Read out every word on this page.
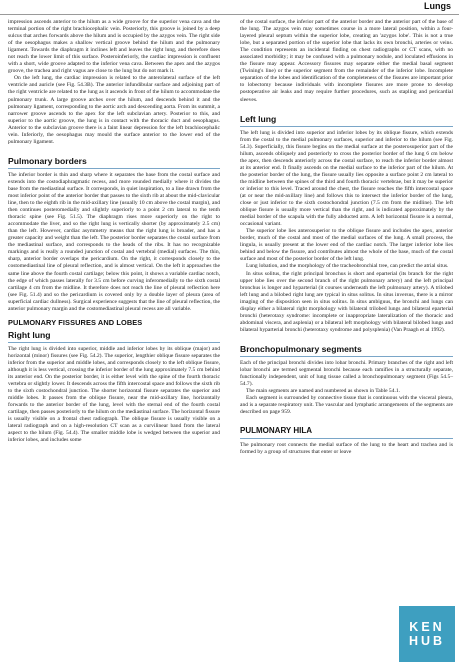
Lungs

impression ascends anterior to the hilum as a wide groove for the superior vena cava and the terminal portion of the right brachiocephalic vein. Posteriorly, this groove is joined by a deep sulcus that arches forwards above the hilum and is occupied by the azygos vein. The right side of the oesophagus makes a shallow vertical groove behind the hilum and the pulmonary ligament. Towards the diaphragm it inclines left and leaves the right lung, and therefore does not reach the lower limit of this surface. Posteroinferiorly, the cardiac impression is confluent with a short, wide groove adapted to the inferior vena cava. Between the apex and the azygos groove, the trachea and right vagus are close to the lung but do not mark it.

On the left lung, the cardiac impression is related to the anterolateral surface of the left ventricle and auricle (see Fig. 54.3B). The anterior infundibular surface and adjoining part of the right ventricle are related to the lung as it ascends in front of the hilum to accommodate the pulmonary trunk. A large groove arches over the hilum, and descends behind it and the pulmonary ligament, corresponding to the aortic arch and descending aorta. From its summit, a narrower groove ascends to the apex for the left subclavian artery. Posterior to this, and superior to the aortic groove, the lung is in contact with the thoracic duct and oesophagus. Anterior to the subclavian groove there is a faint linear depression for the left brachiocephalic vein. Inferiorly, the oesophagus may mould the surface anterior to the lower end of the pulmonary ligament.

Pulmonary borders

The inferior border is thin and sharp where it separates the base from the costal surface and extends into the costodiaphragmatic recess, and more rounded medially where it divides the base from the mediastinal surface. It corresponds, in quiet inspiration, to a line drawn from the most inferior point of the anterior border that passes to the sixth rib at about the mid-clavicular line, then to the eighth rib in the mid-axillary line (usually 10 cm above the costal margin), and then continues posteromedially and slightly superiorly to a point 2 cm lateral to the tenth thoracic spine (see Fig. 51.5). The diaphragm rises more superiorly on the right to accommodate the liver, and so the right lung is vertically shorter (by approximately 2.5 cm) than the left. However, cardiac asymmetry means that the right lung is broader, and has a greater capacity and weight than the left. The posterior border separates the costal surface from the mediastinal surface, and corresponds to the heads of the ribs. It has no recognizable markings and is really a rounded junction of costal and vertebral (medial) surfaces. The thin, sharp, anterior border overlaps the pericardium. On the right, it corresponds closely to the costomediastinal line of pleural reflection, and is almost vertical. On the left it approaches the same line above the fourth costal cartilage; below this point, it shows a variable cardiac notch, the edge of which passes laterally for 3.5 cm before curving inferomedially to the sixth costal cartilage 4 cm from the midline. It therefore does not reach the line of pleural reflection here (see Fig. 51.4) and so the pericardium is covered only by a double layer of pleura (area of superficial cardiac dullness). Surgical experience suggests that the line of pleural reflection, the anterior pulmonary margin and the costomediastinal pleural recess are all variable.

PULMONARY FISSURES AND LOBES
Right lung

The right lung is divided into superior, middle and inferior lobes by its oblique (major) and horizontal (minor) fissures (see Fig. 54.2). The superior, lengthier oblique fissure separates the inferior from the superior and middle lobes, and corresponds closely to the left oblique fissure, although it is less vertical, crossing the inferior border of the lung approximately 7.5 cm behind its anterior end. On the posterior border, it is either level with the spine of the fourth thoracic vertebra or slightly lower. It descends across the fifth intercostal space and follows the sixth rib to the sixth costochondral junction. The shorter horizontal fissure separates the superior and middle lobes. It passes from the oblique fissure, near the mid-axillary line, horizontally forwards to the anterior border of the lung, level with the sternal end of the fourth costal cartilage, then passes posteriorly to the hilum on the mediastinal surface. The horizontal fissure is usually visible on a frontal chest radiograph. The oblique fissure is usually visible on a lateral radiograph and on a high-resolution CT scan as a curvilinear band from the lateral aspect to the hilum (Fig. 54.4). The smaller middle lobe is wedged between the superior and inferior lobes, and includes some

of the costal surface, the inferior part of the anterior border and the anterior part of the base of the lung. The azygos vein may sometimes course in a more lateral position, within a four-layered pleural septum within the superior lobe, creating an 'azygos lobe'. This is not a true lobe, but a separated portion of the superior lobe that lacks its own bronchi, arteries or veins. The condition represents an incidental finding on chest radiographs or CT scans, with no associated morbidity; it may be confused with a pulmonary nodule, and loculated effusions in the fissure may appear. Accessory fissures may separate either the medial basal segment (Twining's line) or the superior segment from the remainder of the inferior lobe. Incomplete separation of the lobes and identification of the completeness of the fissures are important prior to lobectomy because individuals with incomplete fissures are more prone to develop postoperative air leaks and may require further procedures, such as stapling and pericardial sleeves.

Left lung

The left lung is divided into superior and inferior lobes by its oblique fissure, which extends from the costal to the medial pulmonary surfaces, superior and inferior to the hilum (see Fig. 54.3). Superficially, this fissure begins on the medial surface at the posterosuperior part of the hilum, ascends obliquely and posteriorly to cross the posterior border of the lung 6 cm below the apex, then descends anteriorly across the costal surface, to reach the inferior border almost at its anterior end. It finally ascends on the medial surface to the inferior part of the hilum. At the posterior border of the lung, the fissure usually lies opposite a surface point 2 cm lateral to the midline between the spines of the third and fourth thoracic vertebrae, but it may be superior or inferior to this level. Traced around the chest, the fissure reaches the fifth intercostal space (at or near the mid-axillary line) and follows this to intersect the inferior border of the lung, close or just inferior to the sixth costochondral junction (7.5 cm from the midline). The left oblique fissure is usually more vertical than the right, and is indicated approximately by the medial border of the scapula with the fully abducted arm. A left horizontal fissure is a normal, occasional variant.

The superior lobe lies anterosuperior to the oblique fissure and includes the apex, anterior border, much of the costal and most of the medial surfaces of the lung. A small process, the lingula, is usually present at the lower end of the cardiac notch. The larger inferior lobe lies behind and below the fissure, and contributes almost the whole of the base, much of the costal surface and most of the posterior border of the left lung.

Lung lobation, and the morphology of the tracheobronchial tree, can predict the atrial situs.

In situs solitus, the right principal bronchus is short and eparterial (its branch for the right upper lobe lies over the second branch of the right pulmonary artery) and the left principal bronchus is longer and hyparterial (it courses underneath the left pulmonary artery). A trilobed left lung and a bilobed right lung are typical in situs solitus. In situs inversus, there is a mirror imaging of the disposition seen in situs solitus. In situs ambiguus, the bronchi and lungs can display either a bilateral right morphology with bilateral trilobed lungs and bilateral eparterial bronchi (heterotaxy syndrome: incomplete or inappropriate lateralization of the thoracic and abdominal viscera, and asplenia) or a bilateral left morphology with bilateral bilobed lungs and bilateral hyparterial bronchi (heterotaxy syndrome and polysplenia) (Van Praagh et al 1992).

Bronchopulmonary segments

Each of the principal bronchi divides into lobar bronchi. Primary branches of the right and left lobar bronchi are termed segmental bronchi because each ramifies in a structurally separate, functionally independent, unit of lung tissue called a bronchopulmonary segment (Figs 54.5–54.7).

The main segments are named and numbered as shown in Table 54.1.

Each segment is surrounded by connective tissue that is continuous with the visceral pleura, and is a separate respiratory unit. The vascular and lymphatic arrangements of the segments are described on page 959.

PULMONARY HILA

The pulmonary root connects the medial surface of the lung to the heart and trachea and is formed by a group of structures that enter or leave

KEN
HUB
